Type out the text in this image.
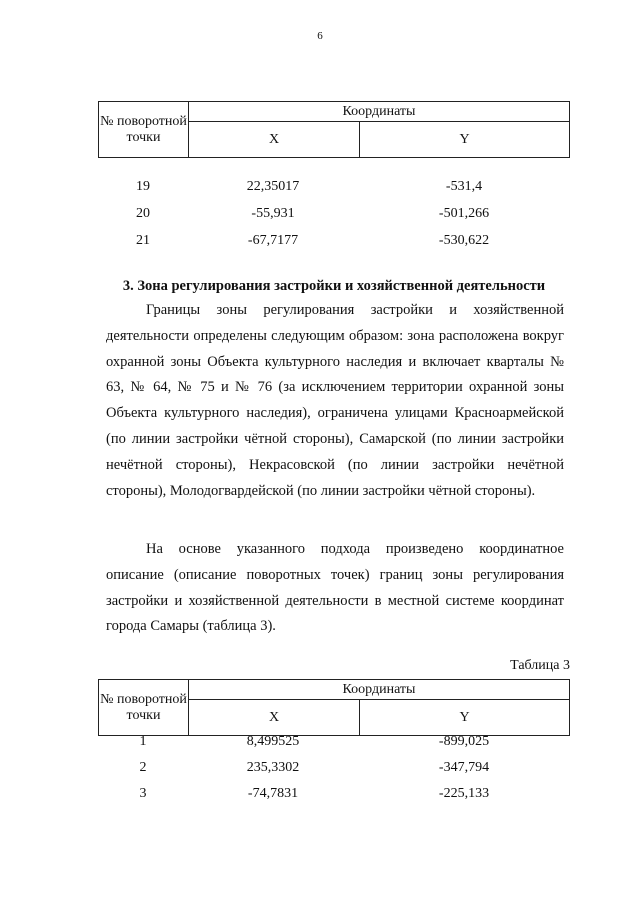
6
№ поворотной точки	Координаты	
	X	Y
19	22,35017	-531,4
20	-55,931	-501,266
21	-67,7177	-530,622
3. Зона регулирования застройки и хозяйственной деятельности

Границы зоны регулирования застройки и хозяйственной деятельности определены следующим образом: зона расположена вокруг охранной зоны Объекта культурного наследия и включает кварталы № 63, № 64, № 75 и № 76 (за исключением территории охранной зоны Объекта культурного наследия), ограничена улицами Красноармейской (по линии застройки чётной стороны), Самарской (по линии застройки нечётной стороны), Некрасовской (по линии застройки нечётной стороны), Молодогвардейской (по линии застройки чётной стороны).

На основе указанного подхода произведено координатное описание (описание поворотных точек) границ зоны регулирования застройки и хозяйственной деятельности в местной системе координат города Самары (таблица 3).

Таблица 3
№ поворотной точки	Координаты	
	X	Y
1	8,499525	-899,025
2	235,3302	-347,794
3	-74,7831	-225,133
